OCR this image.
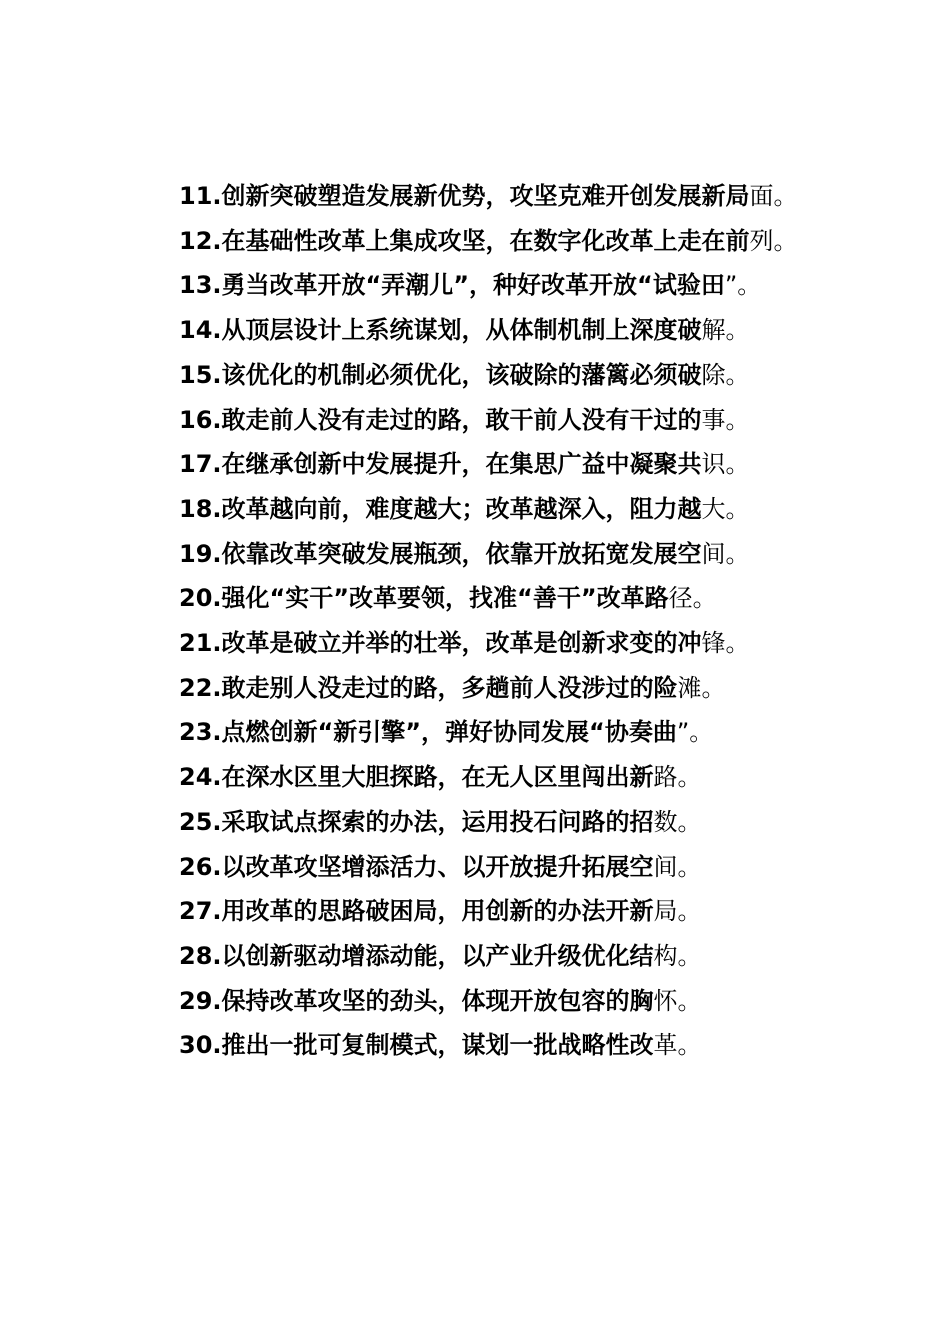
11.创新突破塑造发展新优势，攻坚克难开创发展新局面。

12.在基础性改革上集成攻坚，在数字化改革上走在前列。

13.勇当改革开放“弄潮儿”，种好改革开放“试验田”。

14.从顶层设计上系统谋划，从体制机制上深度破解。

15.该优化的机制必须优化，该破除的藩篱必须破除。

16.敢走前人没有走过的路，敢干前人没有干过的事。

17.在继承创新中发展提升，在集思广益中凝聚共识。

18.改革越向前，难度越大；改革越深入，阻力越大。

19.依靠改革突破发展瓶颈，依靠开放拓宽发展空间。

20.强化“实干”改革要领，找准“善干”改革路径。

21.改革是破立并举的壮举，改革是创新求变的冲锋。

22.敢走别人没走过的路，多趟前人没涉过的险滩。

23.点燃创新“新引擎”，弹好协同发展“协奏曲”。

24.在深水区里大胆探路，在无人区里闯出新路。

25.采取试点探索的办法，运用投石问路的招数。

26.以改革攻坚增添活力、以开放提升拓展空间。

27.用改革的思路破困局，用创新的办法开新局。

28.以创新驱动增添动能，以产业升级优化结构。

29.保持改革攻坚的劲头，体现开放包容的胸怀。

30.推出一批可复制模式，谋划一批战略性改革。
